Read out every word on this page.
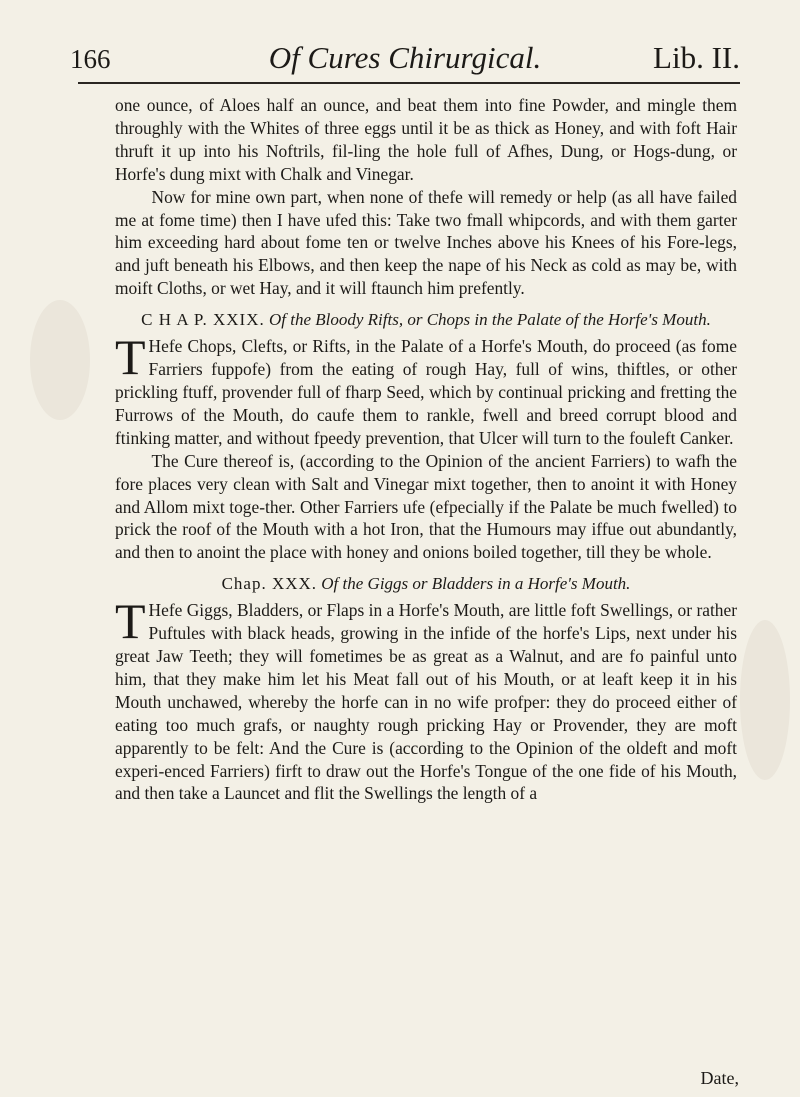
166	Of Cures Chirurgical.	Lib. II.

one ounce, of Aloes half an ounce, and beat them into fine Powder, and mingle them throughly with the Whites of three eggs until it be as thick as Honey, and with foft Hair thruft it up into his Noftrils, fil-ling the hole full of Afhes, Dung, or Hogs-dung, or Horfe's dung mixt with Chalk and Vinegar.

Now for mine own part, when none of thefe will remedy or help (as all have failed me at fome time) then I have ufed this: Take two fmall whipcords, and with them garter him exceeding hard about fome ten or twelve Inches above his Knees of his Fore-legs, and juft beneath his Elbows, and then keep the nape of his Neck as cold as may be, with moift Cloths, or wet Hay, and it will ftaunch him prefently.

C H A P. XXIX. Of the Bloody Rifts, or Chops in the Palate of the Horfe's Mouth.

THefe Chops, Clefts, or Rifts, in the Palate of a Horfe's Mouth, do proceed (as fome Farriers fuppofe) from the eating of rough Hay, full of wins, thiftles, or other prickling ftuff, provender full of fharp Seed, which by continual pricking and fretting the Furrows of the Mouth, do caufe them to rankle, fwell and breed corrupt blood and ftinking matter, and without fpeedy prevention, that Ulcer will turn to the fouleft Canker.

The Cure thereof is, (according to the Opinion of the ancient Farriers) to wafh the fore places very clean with Salt and Vinegar mixt together, then to anoint it with Honey and Allom mixt toge-ther. Other Farriers ufe (efpecially if the Palate be much fwelled) to prick the roof of the Mouth with a hot Iron, that the Humours may iffue out abundantly, and then to anoint the place with honey and onions boiled together, till they be whole.

Chap. XXX. Of the Giggs or Bladders in a Horfe's Mouth.

THefe Giggs, Bladders, or Flaps in a Horfe's Mouth, are little foft Swellings, or rather Puftules with black heads, growing in the infide of the horfe's Lips, next under his great Jaw Teeth; they will fometimes be as great as a Walnut, and are fo painful unto him, that they make him let his Meat fall out of his Mouth, or at leaft keep it in his Mouth unchawed, whereby the horfe can in no wife profper: they do proceed either of eating too much grafs, or naughty rough pricking Hay or Provender, they are moft apparently to be felt: And the Cure is (according to the Opinion of the oldeft and moft experi-enced Farriers) firft to draw out the Horfe's Tongue of the one fide of his Mouth, and then take a Launcet and flit the Swellings the length of a

Date,
